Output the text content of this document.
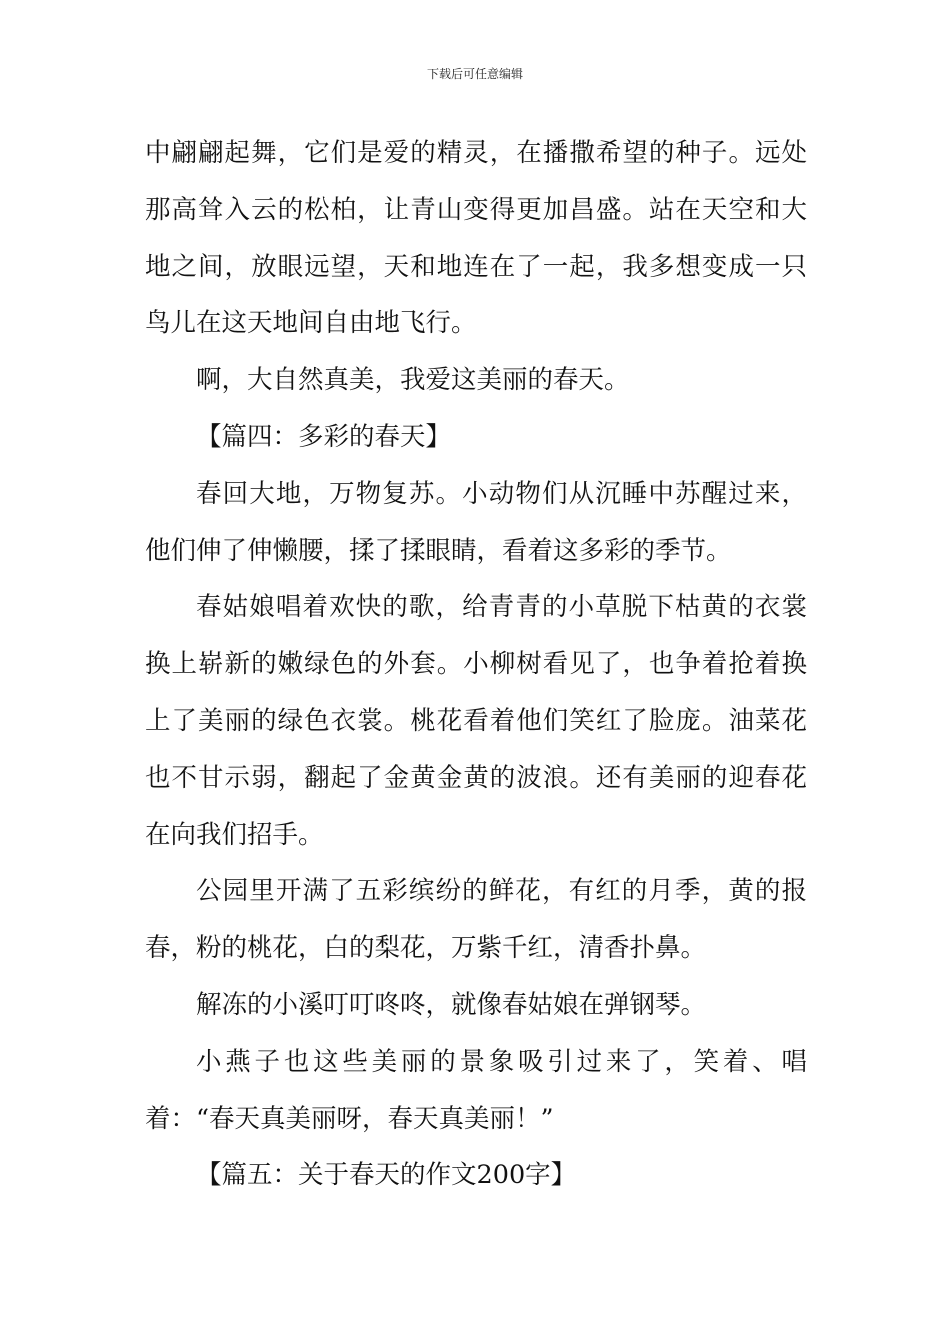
下载后可任意编辑

中翩翩起舞，它们是爱的精灵，在播撒希望的种子。远处那高耸入云的松柏，让青山变得更加昌盛。站在天空和大地之间，放眼远望，天和地连在了一起，我多想变成一只鸟儿在这天地间自由地飞行。

啊，大自然真美，我爱这美丽的春天。

【篇四：多彩的春天】

春回大地，万物复苏。小动物们从沉睡中苏醒过来，他们伸了伸懒腰，揉了揉眼睛，看着这多彩的季节。

春姑娘唱着欢快的歌，给青青的小草脱下枯黄的衣裳换上崭新的嫩绿色的外套。小柳树看见了，也争着抢着换上了美丽的绿色衣裳。桃花看着他们笑红了脸庞。油菜花也不甘示弱，翻起了金黄金黄的波浪。还有美丽的迎春花在向我们招手。

公园里开满了五彩缤纷的鲜花，有红的月季，黄的报春，粉的桃花，白的梨花，万紫千红，清香扑鼻。

解冻的小溪叮叮咚咚，就像春姑娘在弹钢琴。

小燕子也这些美丽的景象吸引过来了，笑着、唱着：“春天真美丽呀，春天真美丽！”

【篇五：关于春天的作文200字】
